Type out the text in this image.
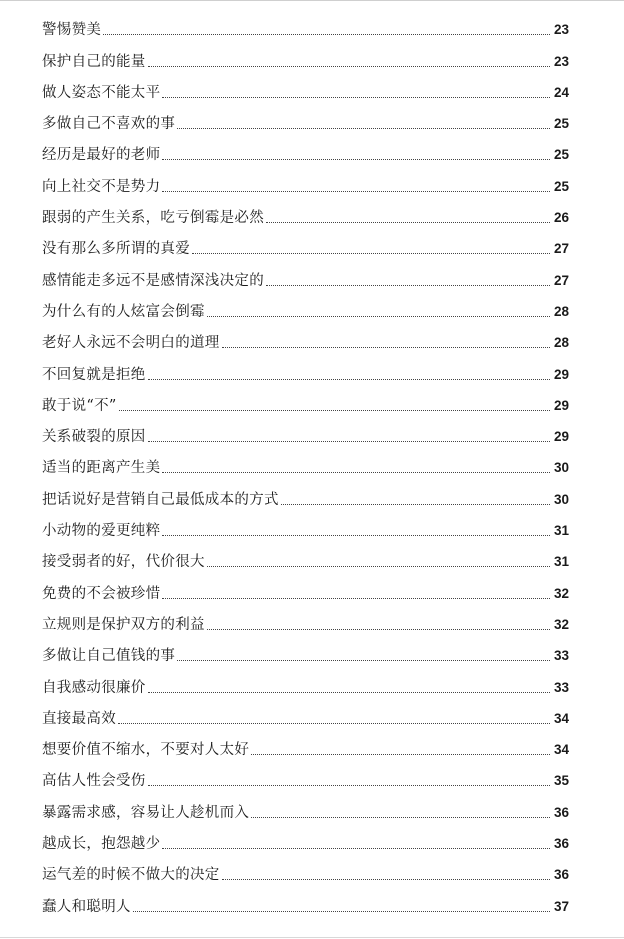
警惕赞美	23
保护自己的能量	23
做人姿态不能太平	24
多做自己不喜欢的事	25
经历是最好的老师	25
向上社交不是势力	25
跟弱的产生关系，吃亏倒霉是必然	26
没有那么多所谓的真爱	27
感情能走多远不是感情深浅决定的	27
为什么有的人炫富会倒霉	28
老好人永远不会明白的道理	28
不回复就是拒绝	29
敢于说“不”	29
关系破裂的原因	29
适当的距离产生美	30
把话说好是营销自己最低成本的方式	30
小动物的爱更纯粹	31
接受弱者的好，代价很大	31
免费的不会被珍惜	32
立规则是保护双方的利益	32
多做让自己值钱的事	33
自我感动很廉价	33
直接最高效	34
想要价值不缩水，不要对人太好	34
高估人性会受伤	35
暴露需求感，容易让人趁机而入	36
越成长，抱怨越少	36
运气差的时候不做大的决定	36
蠢人和聪明人	37
